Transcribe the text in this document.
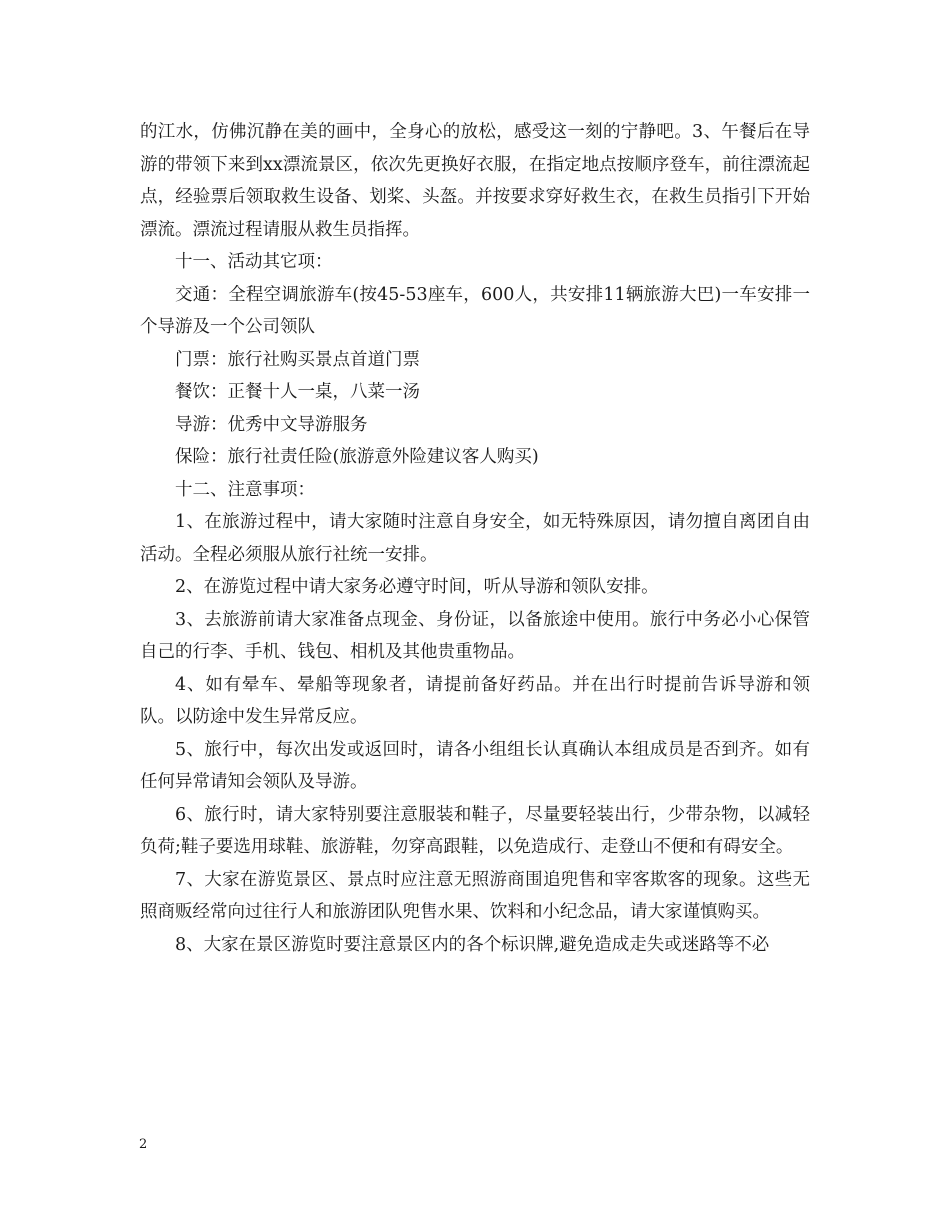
的江水，仿佛沉静在美的画中，全身心的放松，感受这一刻的宁静吧。3、午餐后在导游的带领下来到xx漂流景区，依次先更换好衣服，在指定地点按顺序登车，前往漂流起点，经验票后领取救生设备、划桨、头盔。并按要求穿好救生衣，在救生员指引下开始漂流。漂流过程请服从救生员指挥。

十一、活动其它项：

交通：全程空调旅游车(按45-53座车，600人，共安排11辆旅游大巴)一车安排一个导游及一个公司领队

门票：旅行社购买景点首道门票

餐饮：正餐十人一桌，八菜一汤

导游：优秀中文导游服务

保险：旅行社责任险(旅游意外险建议客人购买)

十二、注意事项：

1、在旅游过程中，请大家随时注意自身安全，如无特殊原因，请勿擅自离团自由活动。全程必须服从旅行社统一安排。

2、在游览过程中请大家务必遵守时间，听从导游和领队安排。

3、去旅游前请大家准备点现金、身份证，以备旅途中使用。旅行中务必小心保管自己的行李、手机、钱包、相机及其他贵重物品。

4、如有晕车、晕船等现象者，请提前备好药品。并在出行时提前告诉导游和领队。以防途中发生异常反应。

5、旅行中，每次出发或返回时，请各小组组长认真确认本组成员是否到齐。如有任何异常请知会领队及导游。

6、旅行时，请大家特别要注意服装和鞋子，尽量要轻装出行，少带杂物，以减轻负荷;鞋子要选用球鞋、旅游鞋，勿穿高跟鞋，以免造成行、走登山不便和有碍安全。

7、大家在游览景区、景点时应注意无照游商围追兜售和宰客欺客的现象。这些无照商贩经常向过往行人和旅游团队兜售水果、饮料和小纪念品，请大家谨慎购买。

8、大家在景区游览时要注意景区内的各个标识牌,避免造成走失或迷路等不必

2
